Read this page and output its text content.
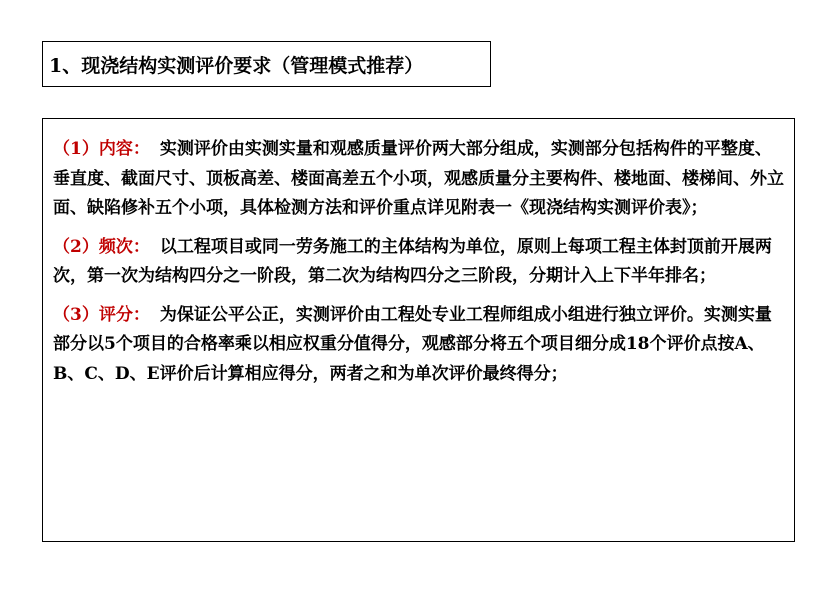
1、现浇结构实测评价要求（管理模式推荐）

（1）内容： 实测评价由实测实量和观感质量评价两大部分组成，实测部分包括构件的平整度、垂直度、截面尺寸、顶板高差、楼面高差五个小项，观感质量分主要构件、楼地面、楼梯间、外立面、缺陷修补五个小项，具体检测方法和评价重点详见附表一《现浇结构实测评价表》；

（2）频次： 以工程项目或同一劳务施工的主体结构为单位，原则上每项工程主体封顶前开展两次，第一次为结构四分之一阶段，第二次为结构四分之三阶段，分期计入上下半年排名；

（3）评分： 为保证公平公正，实测评价由工程处专业工程师组成小组进行独立评价。实测实量部分以5个项目的合格率乘以相应权重分值得分，观感部分将五个项目细分成18个评价点按A、B、C、D、E评价后计算相应得分，两者之和为单次评价最终得分；
